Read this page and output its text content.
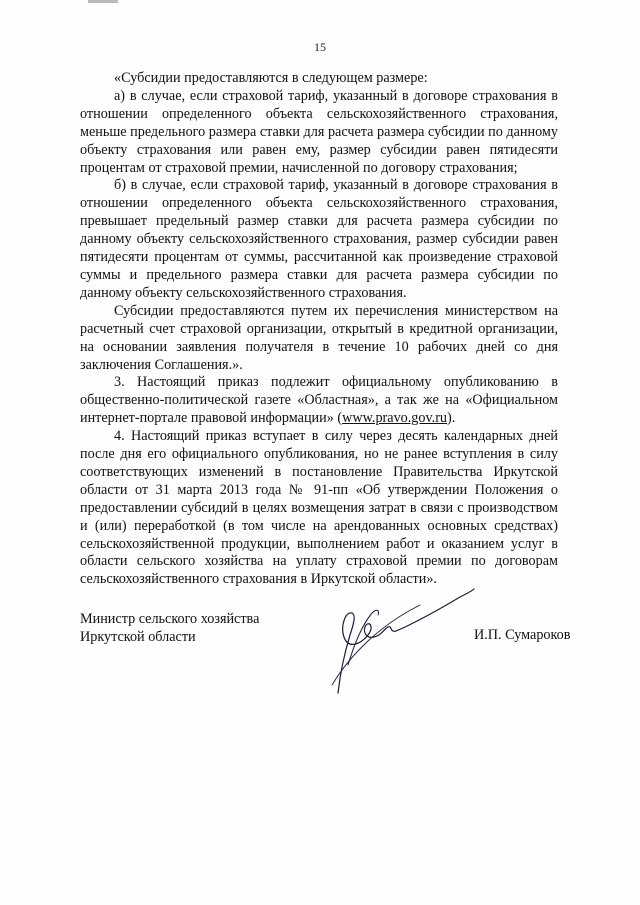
15

«Субсидии предоставляются в следующем размере:

а) в случае, если страховой тариф, указанный в договоре страхования в отношении определенного объекта сельскохозяйственного страхования, меньше предельного размера ставки для расчета размера субсидии по данному объекту страхования или равен ему, размер субсидии равен пятидесяти процентам от страховой премии, начисленной по договору страхования;

б) в случае, если страховой тариф, указанный в договоре страхования в отношении определенного объекта сельскохозяйственного страхования, превышает предельный размер ставки для расчета размера субсидии по данному объекту сельскохозяйственного страхования, размер субсидии равен пятидесяти процентам от суммы, рассчитанной как произведение страховой суммы и предельного размера ставки для расчета размера субсидии по данному объекту сельскохозяйственного страхования.

Субсидии предоставляются путем их перечисления министерством на расчетный счет страховой организации, открытый в кредитной организации, на основании заявления получателя в течение 10 рабочих дней со дня заключения Соглашения.».

3. Настоящий приказ подлежит официальному опубликованию в общественно-политической газете «Областная», а так же на «Официальном интернет-портале правовой информации» (www.pravo.gov.ru).

4. Настоящий приказ вступает в силу через десять календарных дней после дня его официального опубликования, но не ранее вступления в силу соответствующих изменений в постановление Правительства Иркутской области от 31 марта 2013 года № 91-пп «Об утверждении Положения о предоставлении субсидий в целях возмещения затрат в связи с производством и (или) переработкой (в том числе на арендованных основных средствах) сельскохозяйственной продукции, выполнением работ и оказанием услуг в области сельского хозяйства на уплату страховой премии по договорам сельскохозяйственного страхования в Иркутской области».

Министр сельского хозяйства
Иркутской области	И.П. Сумароков
